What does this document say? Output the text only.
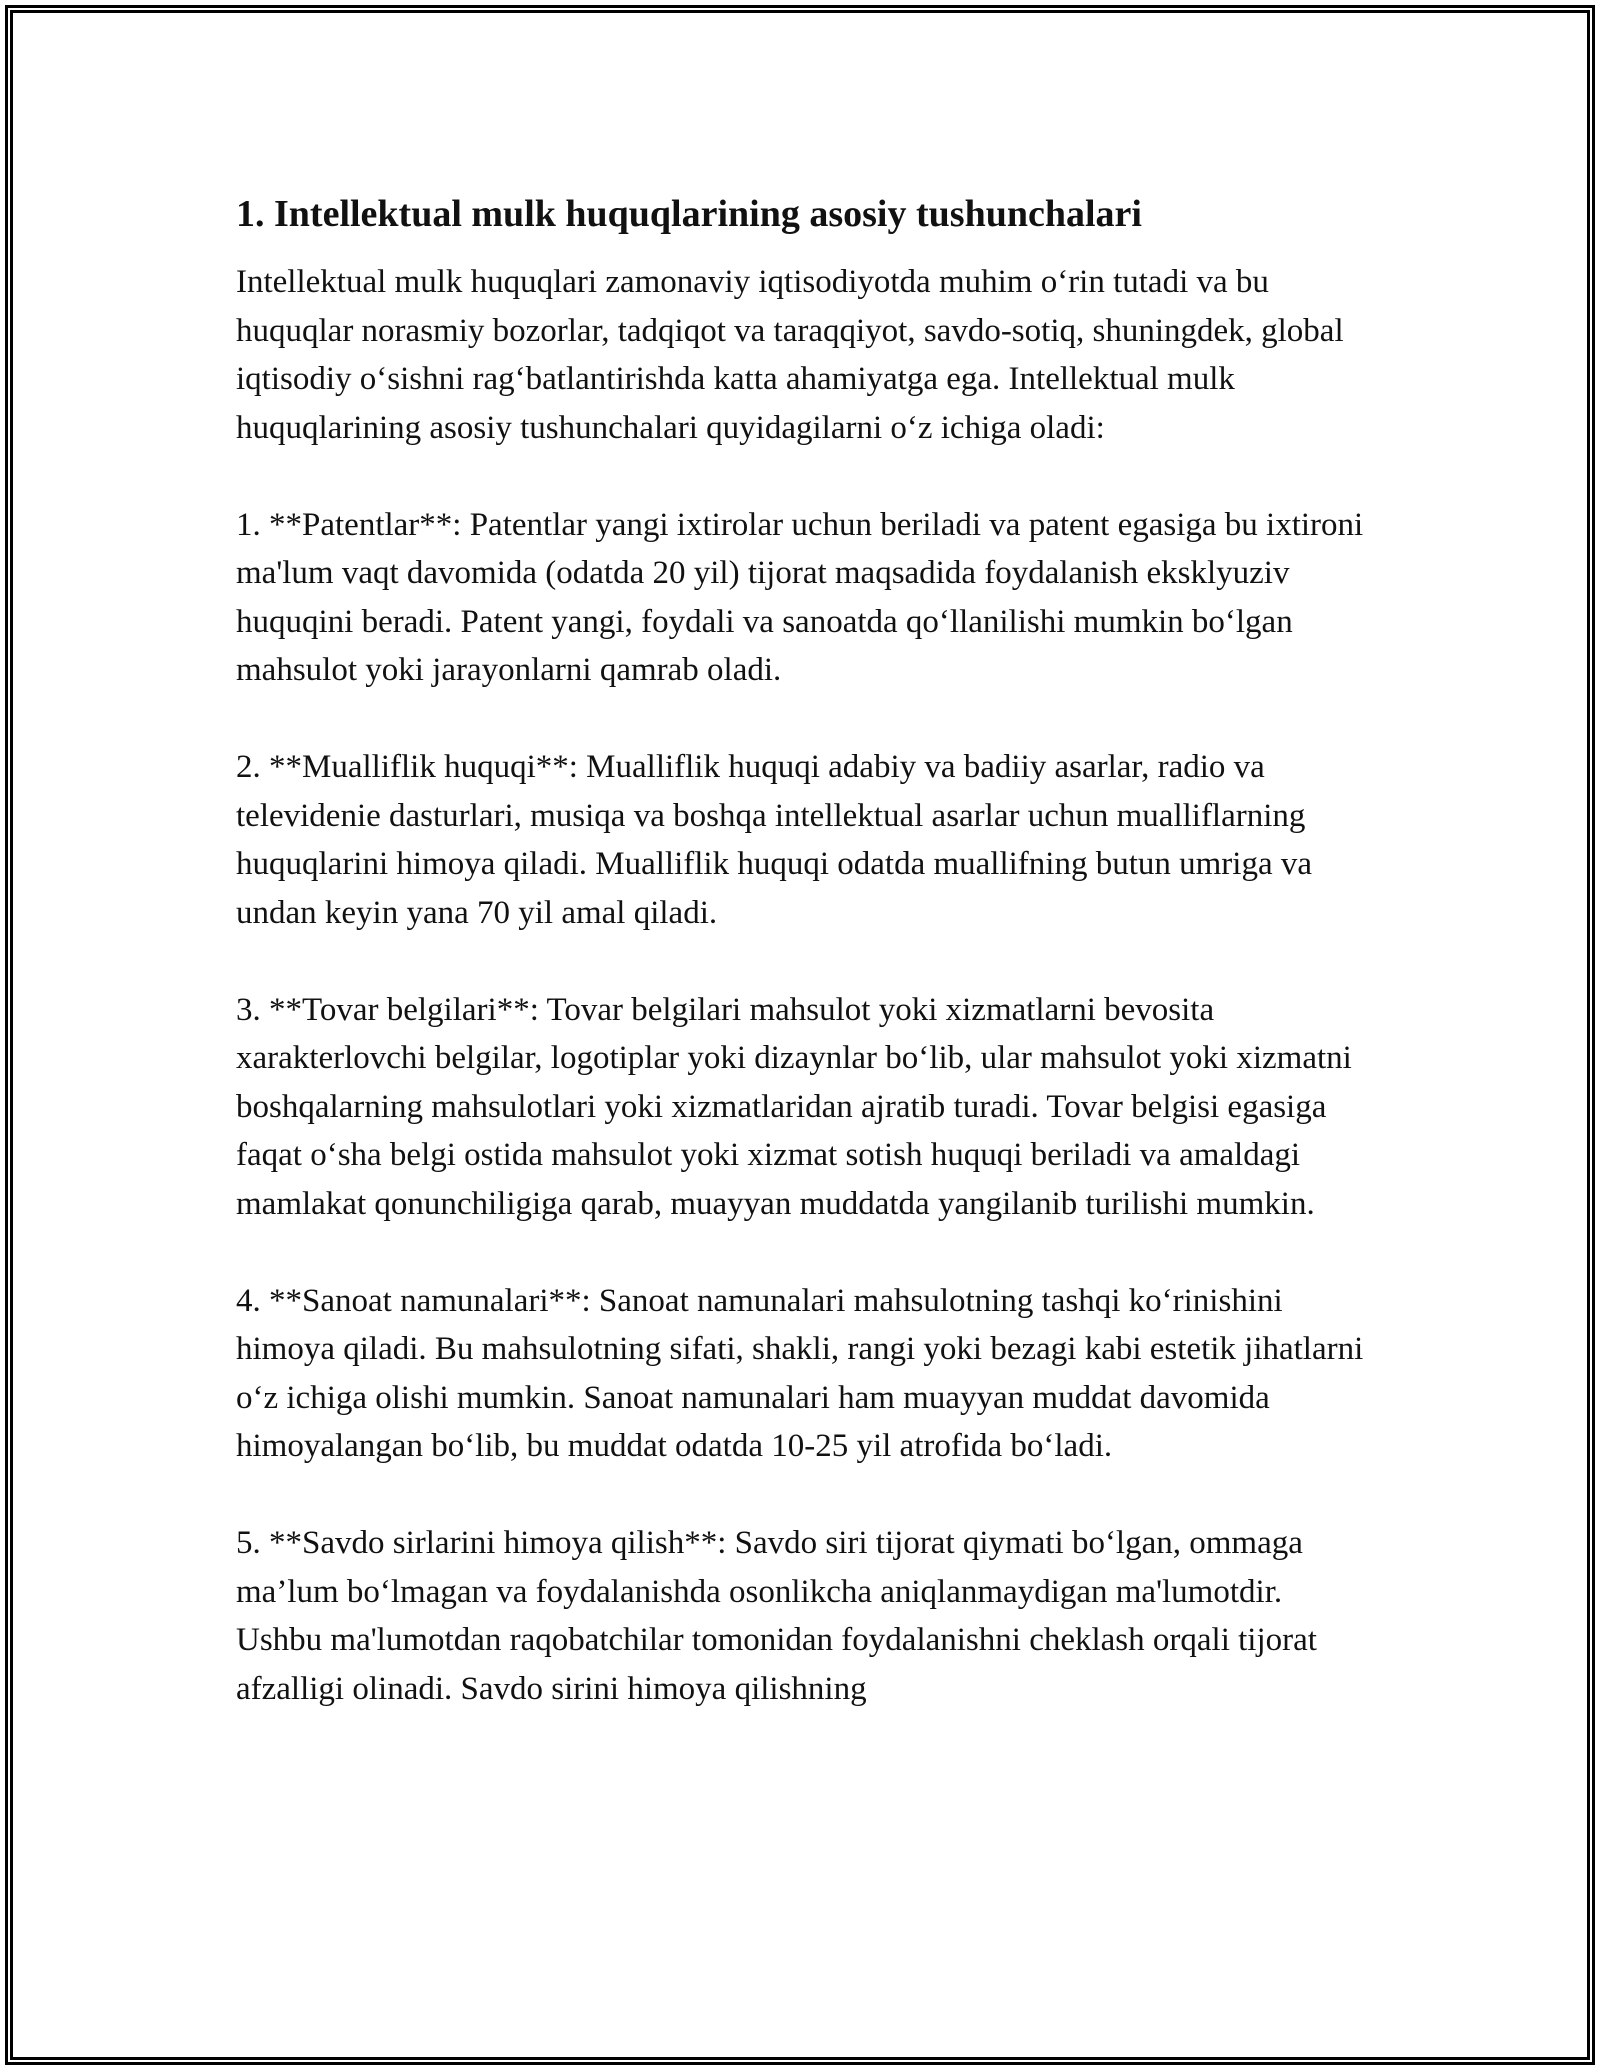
1. Intellektual mulk huquqlarining asosiy tushunchalari

Intellektual mulk huquqlari zamonaviy iqtisodiyotda muhim o‘rin tutadi va bu huquqlar norasmiy bozorlar, tadqiqot va taraqqiyot, savdo-sotiq, shuningdek, global iqtisodiy o‘sishni rag‘batlantirishda katta ahamiyatga ega. Intellektual mulk huquqlarining asosiy tushunchalari quyidagilarni o‘z ichiga oladi:

1. **Patentlar**: Patentlar yangi ixtirolar uchun beriladi va patent egasiga bu ixtironi ma'lum vaqt davomida (odatda 20 yil) tijorat maqsadida foydalanish eksklyuziv huquqini beradi. Patent yangi, foydali va sanoatda qo‘llanilishi mumkin bo‘lgan mahsulot yoki jarayonlarni qamrab oladi.

2. **Mualliflik huquqi**: Mualliflik huquqi adabiy va badiiy asarlar, radio va televidenie dasturlari, musiqa va boshqa intellektual asarlar uchun mualliflarning huquqlarini himoya qiladi. Mualliflik huquqi odatda muallifning butun umriga va undan keyin yana 70 yil amal qiladi.

3. **Tovar belgilari**: Tovar belgilari mahsulot yoki xizmatlarni bevosita xarakterlovchi belgilar, logotiplar yoki dizaynlar bo‘lib, ular mahsulot yoki xizmatni boshqalarning mahsulotlari yoki xizmatlaridan ajratib turadi. Tovar belgisi egasiga faqat o‘sha belgi ostida mahsulot yoki xizmat sotish huquqi beriladi va amaldagi mamlakat qonunchiligiga qarab, muayyan muddatda yangilanib turilishi mumkin.

4. **Sanoat namunalari**: Sanoat namunalari mahsulotning tashqi ko‘rinishini himoya qiladi. Bu mahsulotning sifati, shakli, rangi yoki bezagi kabi estetik jihatlarni o‘z ichiga olishi mumkin. Sanoat namunalari ham muayyan muddat davomida himoyalangan bo‘lib, bu muddat odatda 10-25 yil atrofida bo‘ladi.

5. **Savdo sirlarini himoya qilish**: Savdo siri tijorat qiymati bo‘lgan, ommaga ma’lum bo‘lmagan va foydalanishda osonlikcha aniqlanmaydigan ma'lumotdir. Ushbu ma'lumotdan raqobatchilar tomonidan foydalanishni cheklash orqali tijorat afzalligi olinadi. Savdo sirini himoya qilishning
